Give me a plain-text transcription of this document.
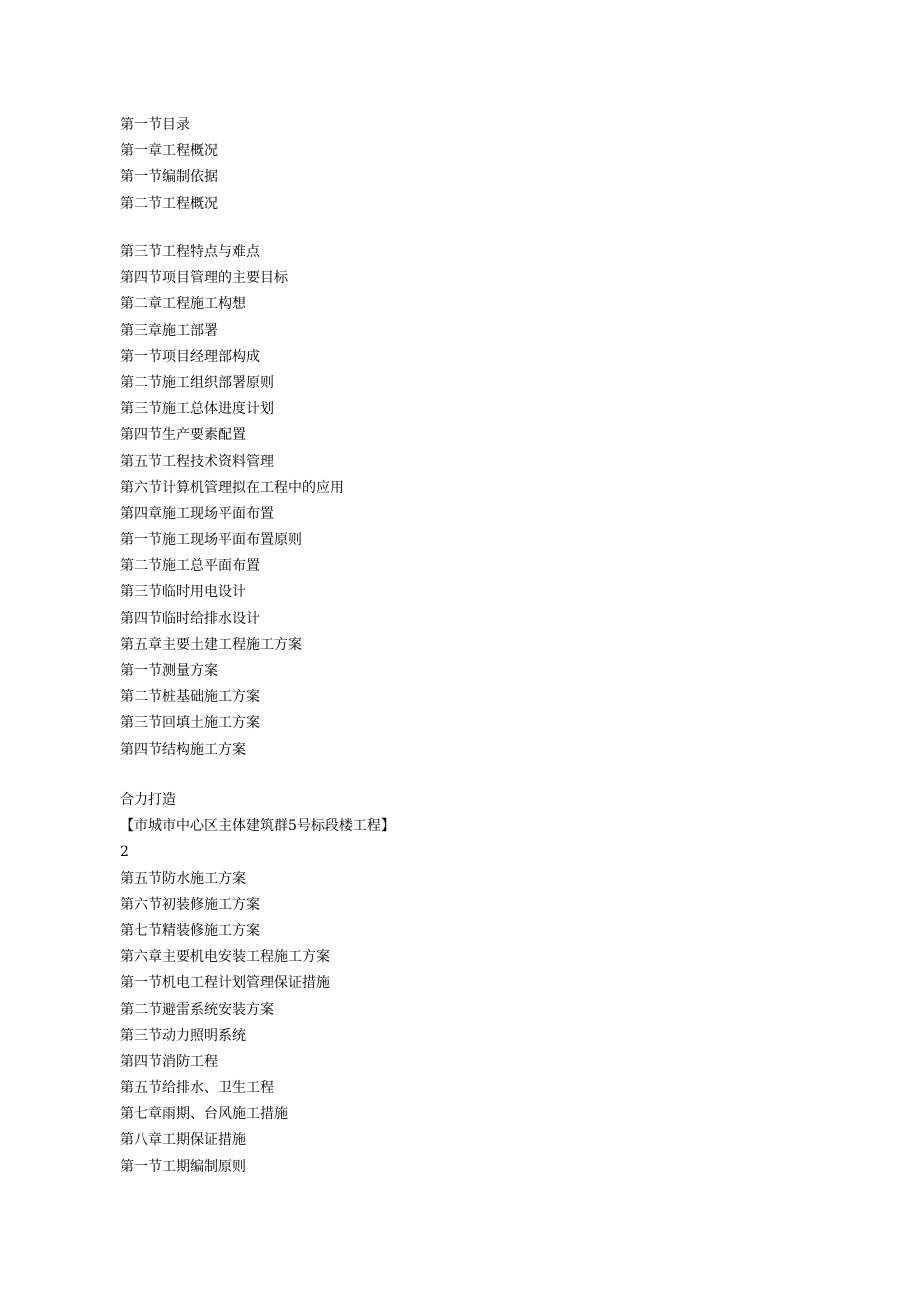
第一节目录
第一章工程概况
第一节编制依据
第二节工程概况
第三节工程特点与难点
第四节项目管理的主要目标
第二章工程施工构想
第三章施工部署
第一节项目经理部构成
第二节施工组织部署原则
第三节施工总体进度计划
第四节生产要素配置
第五节工程技术资料管理
第六节计算机管理拟在工程中的应用
第四章施工现场平面布置
第一节施工现场平面布置原则
第二节施工总平面布置
第三节临时用电设计
第四节临时给排水设计
第五章主要土建工程施工方案
第一节测量方案
第二节桩基础施工方案
第三节回填土施工方案
第四节结构施工方案
合力打造
【市城市中心区主体建筑群5号标段楼工程】
2
第五节防水施工方案
第六节初装修施工方案
第七节精装修施工方案
第六章主要机电安装工程施工方案
第一节机电工程计划管理保证措施
第二节避雷系统安装方案
第三节动力照明系统
第四节消防工程
第五节给排水、卫生工程
第七章雨期、台风施工措施
第八章工期保证措施
第一节工期编制原则
